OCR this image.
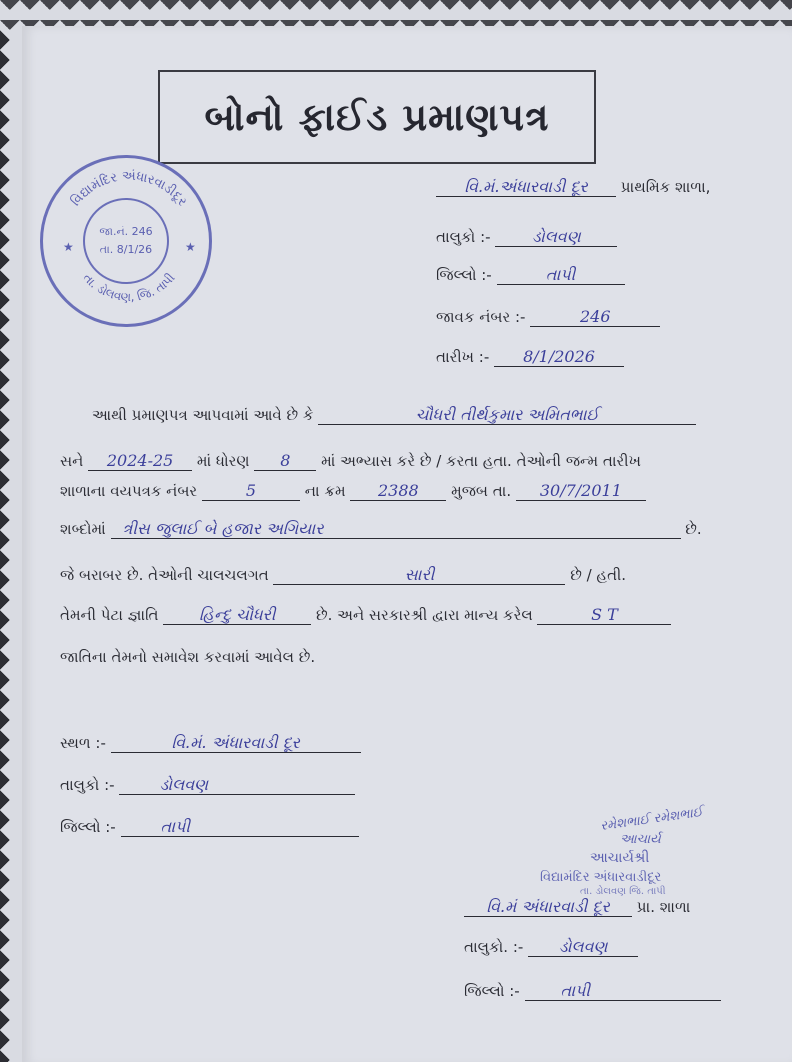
બોનો ફાઈડ પ્રમાણપત્ર
વિદ્યામંદિર અંધારવાડીદૂર
તા. ડોલવણ, જિ. તાપી
★	★
જા.નં. 246
તા. 8/1/26
વિ.મં.અંધારવાડી દૂર પ્રાથમિક શાળા,
તાલુકો :-	ડોલવણ
જિલ્લો :-	તાપી
જાવક નંબર :-	246
તારીખ :- 8/1/2026
આથી પ્રમાણપત્ર આપવામાં આવે છે કે	ચૌધરી તીર્થકુમાર અમિતભાઈ
સને 2024-25 માં ધોરણ 8 માં અભ્યાસ કરે છે / કરતા હતા. તેઓની જન્મ તારીખ
શાળાના વયપત્રક નંબર	5	ના ક્રમ 2388 મુજબ તા. 30/7/2011
શબ્દોમાં ત્રીસ જુલાઈ બે હજાર અગિયાર	છે.
જે બરાબર છે. તેઓની ચાલચલગત	સારી	છે / હતી.
તેમની પેટા જ્ઞાતિ	હિન્દુ ચૌધરી	છે. અને સરકારશ્રી દ્વારા માન્ય કરેલ	S T
જાતિના તેમનો સમાવેશ કરવામાં આવેલ છે.
સ્થળ :-	વિ.મં. અંધારવાડી દૂર
તાલુકો :-	ડોલવણ
જિલ્લો :-	તાપી	રમેશભાઈ રમેશભાઈ
આચાર્ય
આચાર્યશ્રી
વિદ્યામંદિર અંધારવાડીદૂર
તા. ડોલવણ જિ. તાપી
વિ.મં અંધારવાડી દૂર પ્રા. શાળા
તાલુકો. :- ડોલવણ
જિલ્લો :-	તાપી
